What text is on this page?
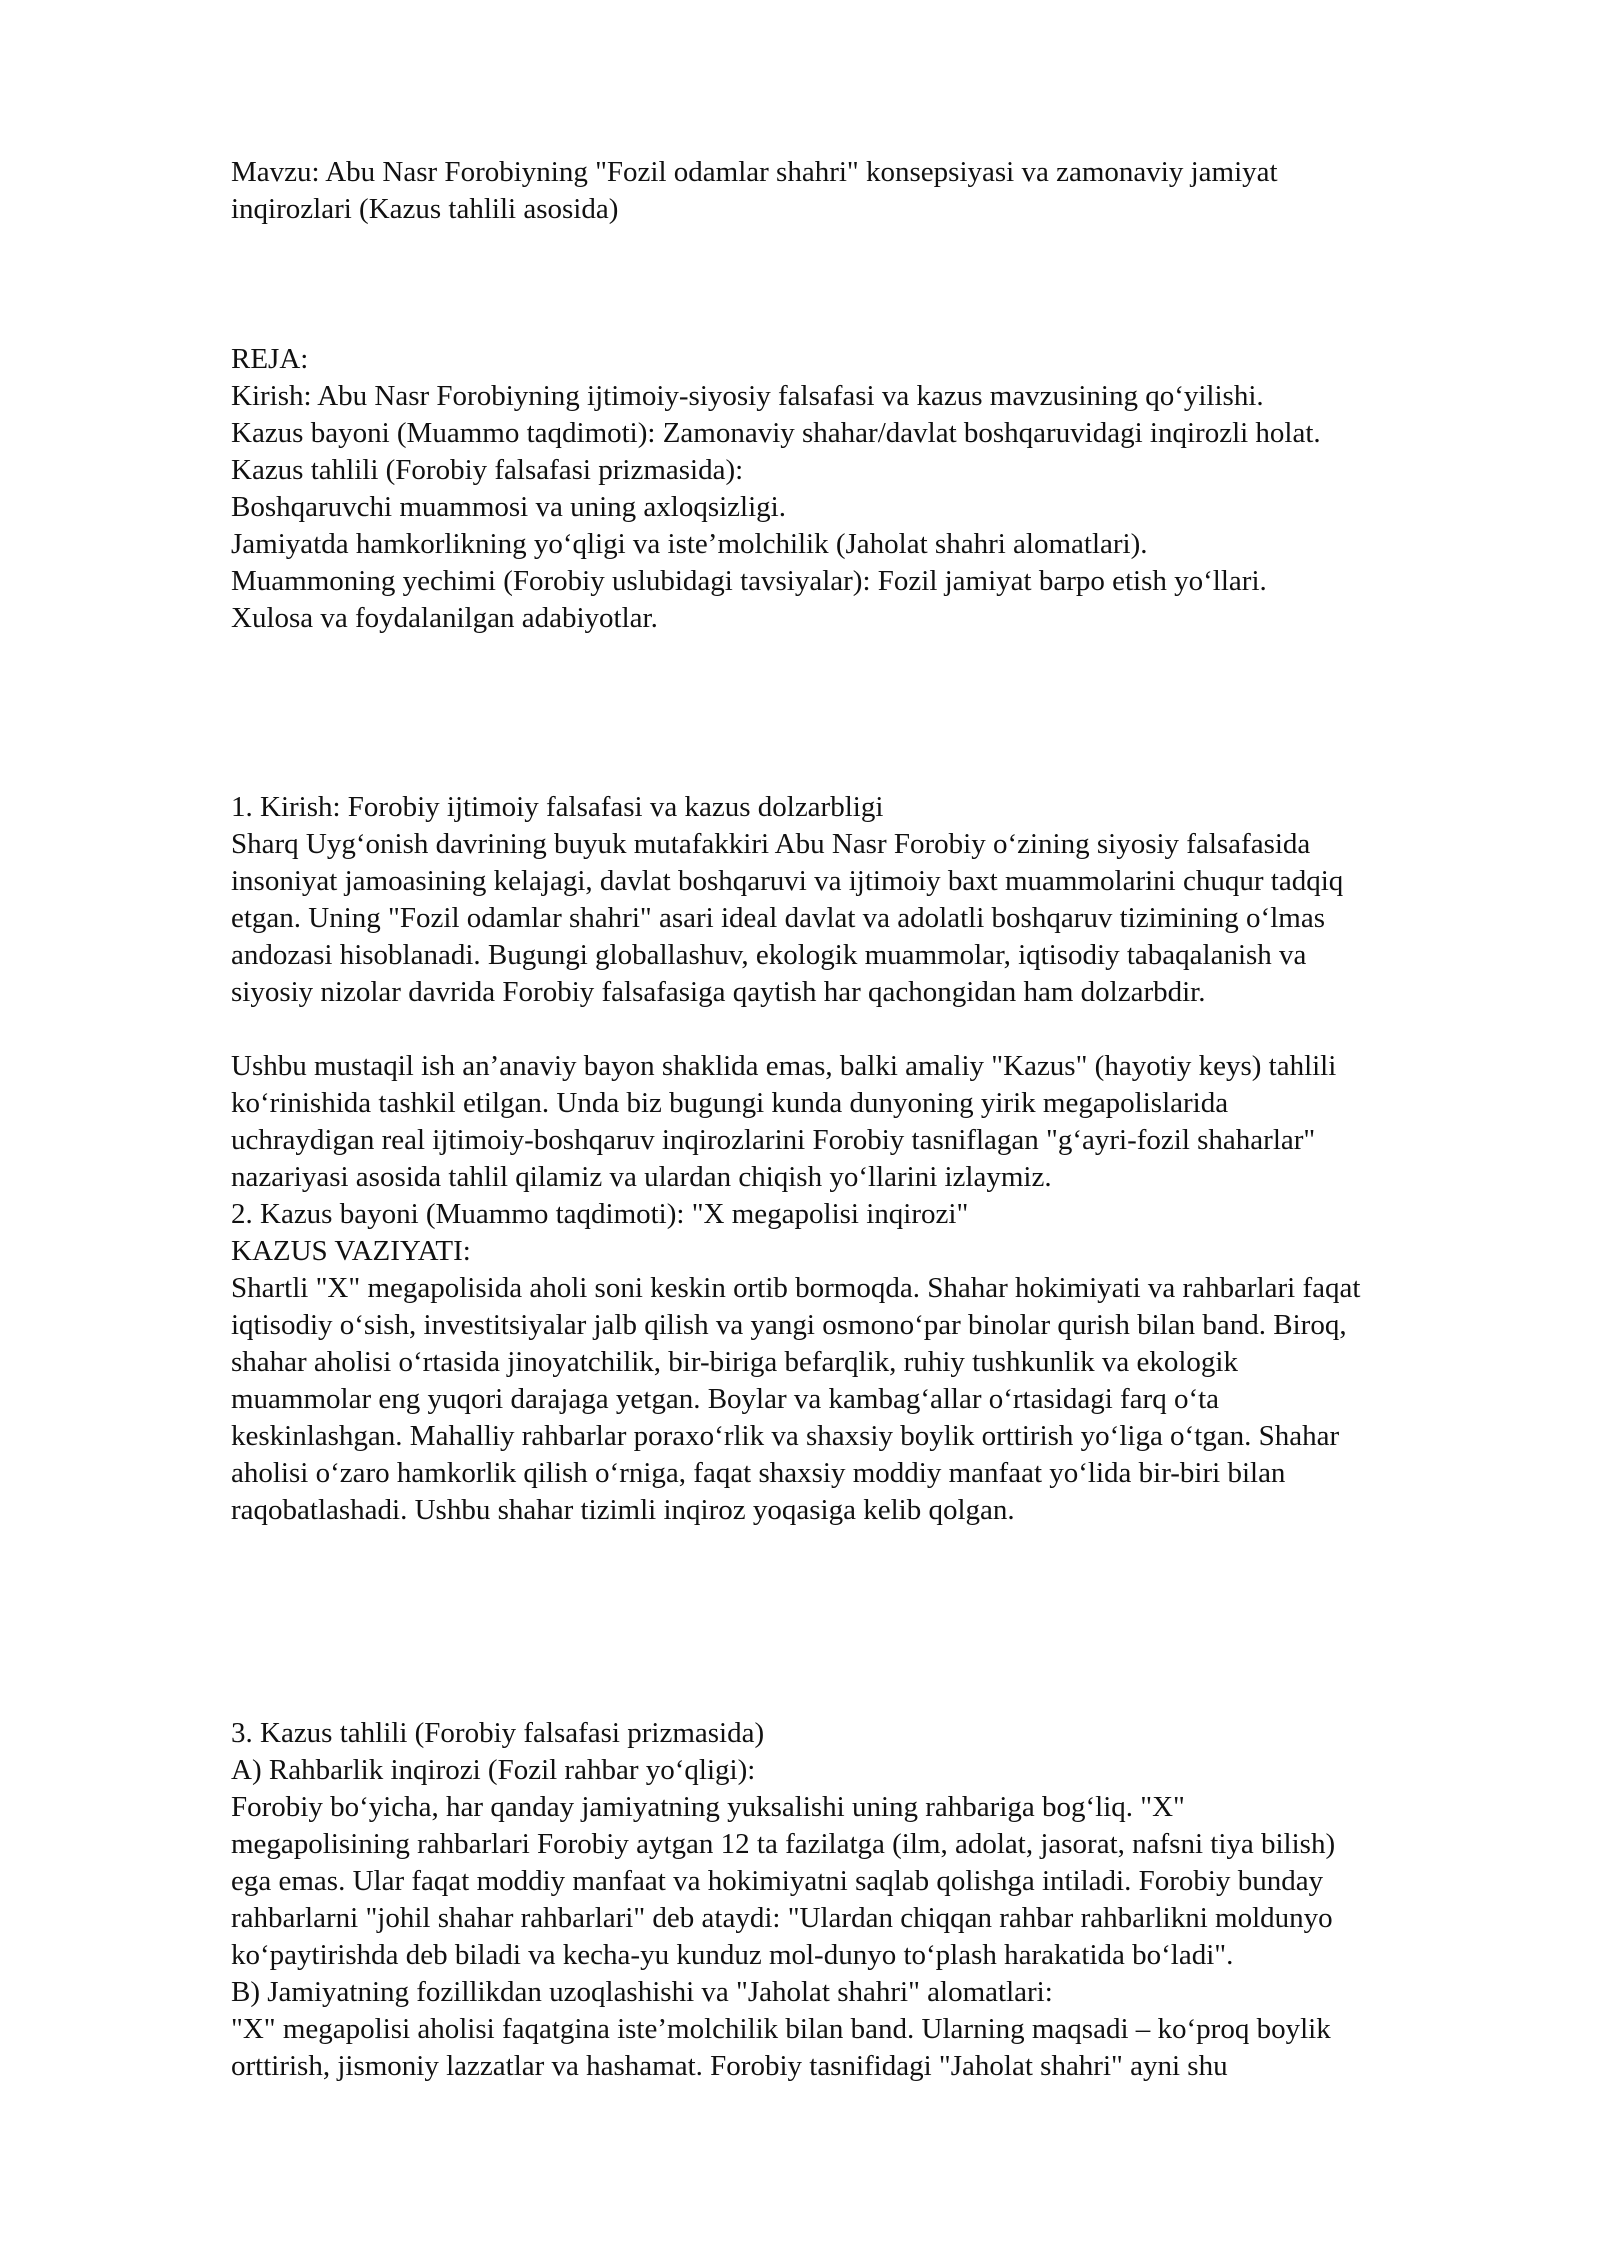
Mavzu: Abu Nasr Forobiyning "Fozil odamlar shahri" konsepsiyasi va zamonaviy jamiyat
inqirozlari (Kazus tahlili asosida)
REJA:
Kirish: Abu Nasr Forobiyning ijtimoiy-siyosiy falsafasi va kazus mavzusining qo‘yilishi.
Kazus bayoni (Muammo taqdimoti): Zamonaviy shahar/davlat boshqaruvidagi inqirozli holat.
Kazus tahlili (Forobiy falsafasi prizmasida):
Boshqaruvchi muammosi va uning axloqsizligi.
Jamiyatda hamkorlikning yo‘qligi va iste’molchilik (Jaholat shahri alomatlari).
Muammoning yechimi (Forobiy uslubidagi tavsiyalar): Fozil jamiyat barpo etish yo‘llari.
Xulosa va foydalanilgan adabiyotlar.
1. Kirish: Forobiy ijtimoiy falsafasi va kazus dolzarbligi
Sharq Uyg‘onish davrining buyuk mutafakkiri Abu Nasr Forobiy o‘zining siyosiy falsafasida
insoniyat jamoasining kelajagi, davlat boshqaruvi va ijtimoiy baxt muammolarini chuqur tadqiq
etgan. Uning "Fozil odamlar shahri" asari ideal davlat va adolatli boshqaruv tizimining o‘lmas
andozasi hisoblanadi. Bugungi globallashuv, ekologik muammolar, iqtisodiy tabaqalanish va
siyosiy nizolar davrida Forobiy falsafasiga qaytish har qachongidan ham dolzarbdir.
Ushbu mustaqil ish an’anaviy bayon shaklida emas, balki amaliy "Kazus" (hayotiy keys) tahlili
ko‘rinishida tashkil etilgan. Unda biz bugungi kunda dunyoning yirik megapolislarida
uchraydigan real ijtimoiy-boshqaruv inqirozlarini Forobiy tasniflagan "g‘ayri-fozil shaharlar"
nazariyasi asosida tahlil qilamiz va ulardan chiqish yo‘llarini izlaymiz.
2. Kazus bayoni (Muammo taqdimoti): "X megapolisi inqirozi"
KAZUS VAZIYATI:
Shartli "X" megapolisida aholi soni keskin ortib bormoqda. Shahar hokimiyati va rahbarlari faqat
iqtisodiy o‘sish, investitsiyalar jalb qilish va yangi osmono‘par binolar qurish bilan band. Biroq,
shahar aholisi o‘rtasida jinoyatchilik, bir-biriga befarqlik, ruhiy tushkunlik va ekologik
muammolar eng yuqori darajaga yetgan. Boylar va kambag‘allar o‘rtasidagi farq o‘ta
keskinlashgan. Mahalliy rahbarlar poraxo‘rlik va shaxsiy boylik orttirish yo‘liga o‘tgan. Shahar
aholisi o‘zaro hamkorlik qilish o‘rniga, faqat shaxsiy moddiy manfaat yo‘lida bir-biri bilan
raqobatlashadi. Ushbu shahar tizimli inqiroz yoqasiga kelib qolgan.
3. Kazus tahlili (Forobiy falsafasi prizmasida)
A) Rahbarlik inqirozi (Fozil rahbar yo‘qligi):
Forobiy bo‘yicha, har qanday jamiyatning yuksalishi uning rahbariga bog‘liq. "X"
megapolisining rahbarlari Forobiy aytgan 12 ta fazilatga (ilm, adolat, jasorat, nafsni tiya bilish)
ega emas. Ular faqat moddiy manfaat va hokimiyatni saqlab qolishga intiladi. Forobiy bunday
rahbarlarni "johil shahar rahbarlari" deb ataydi: "Ulardan chiqqan rahbar rahbarlikni moldunyo
ko‘paytirishda deb biladi va kecha-yu kunduz mol-dunyo to‘plash harakatida bo‘ladi".
B) Jamiyatning fozillikdan uzoqlashishi va "Jaholat shahri" alomatlari:
"X" megapolisi aholisi faqatgina iste’molchilik bilan band. Ularning maqsadi – ko‘proq boylik
orttirish, jismoniy lazzatlar va hashamat. Forobiy tasnifidagi "Jaholat shahri" ayni shu
